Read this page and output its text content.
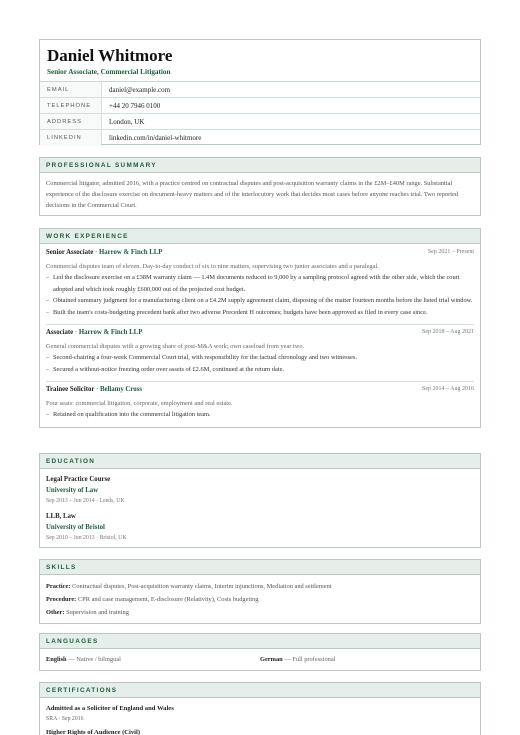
Daniel Whitmore
Senior Associate, Commercial Litigation
EMAIL	daniel@example.com
TELEPHONE	+44 20 7946 0100
ADDRESS	London, UK
LINKEDIN	linkedin.com/in/daniel-whitmore
PROFESSIONAL SUMMARY

Commercial litigator, admitted 2016, with a practice centred on contractual disputes and post-acquisition warranty claims in the £2M–£40M range. Substantial experience of the disclosure exercise on document-heavy matters and of the interlocutory work that decides most cases before anyone reaches trial. Two reported decisions in the Commercial Court.

WORK EXPERIENCE
Senior Associate · Harrow & Finch LLP	Sep 2021 – Present
Commercial disputes team of eleven. Day-to-day conduct of six to nine matters, supervising two junior associates and a paralegal.
– Led the disclosure exercise on a £38M warranty claim — 1.4M documents reduced to 9,000 by a sampling protocol agreed with the other side, which the court adopted and which took roughly £600,000 out of the projected cost budget.
– Obtained summary judgment for a manufacturing client on a £4.2M supply agreement claim, disposing of the matter fourteen months before the listed trial window.
– Built the team's costs-budgeting precedent bank after two adverse Precedent H outcomes; budgets have been approved as filed in every case since.
Associate · Harrow & Finch LLP	Sep 2018 – Aug 2021
General commercial disputes with a growing share of post-M&A work; own caseload from year two.
– Second-chairing a four-week Commercial Court trial, with responsibility for the factual chronology and two witnesses.
– Secured a without-notice freezing order over assets of £2.6M, continued at the return date.
Trainee Solicitor · Bellamy Cross	Sep 2014 – Aug 2016
Four seats: commercial litigation, corporate, employment and real estate.
– Retained on qualification into the commercial litigation team.
EDUCATION
Legal Practice Course
University of Law
Sep 2013 – Jun 2014 · Leeds, UK
LLB, Law
University of Bristol
Sep 2010 – Jun 2013 · Bristol, UK
SKILLS
Practice: Contractual disputes, Post-acquisition warranty claims, Interim injunctions, Mediation and settlement
Procedure: CPR and case management, E-disclosure (Relativity), Costs budgeting
Other: Supervision and training
LANGUAGES
English — Native / bilingual	German — Full professional
CERTIFICATIONS
Admitted as a Solicitor of England and Wales
SRA · Sep 2016
Higher Rights of Audience (Civil)
